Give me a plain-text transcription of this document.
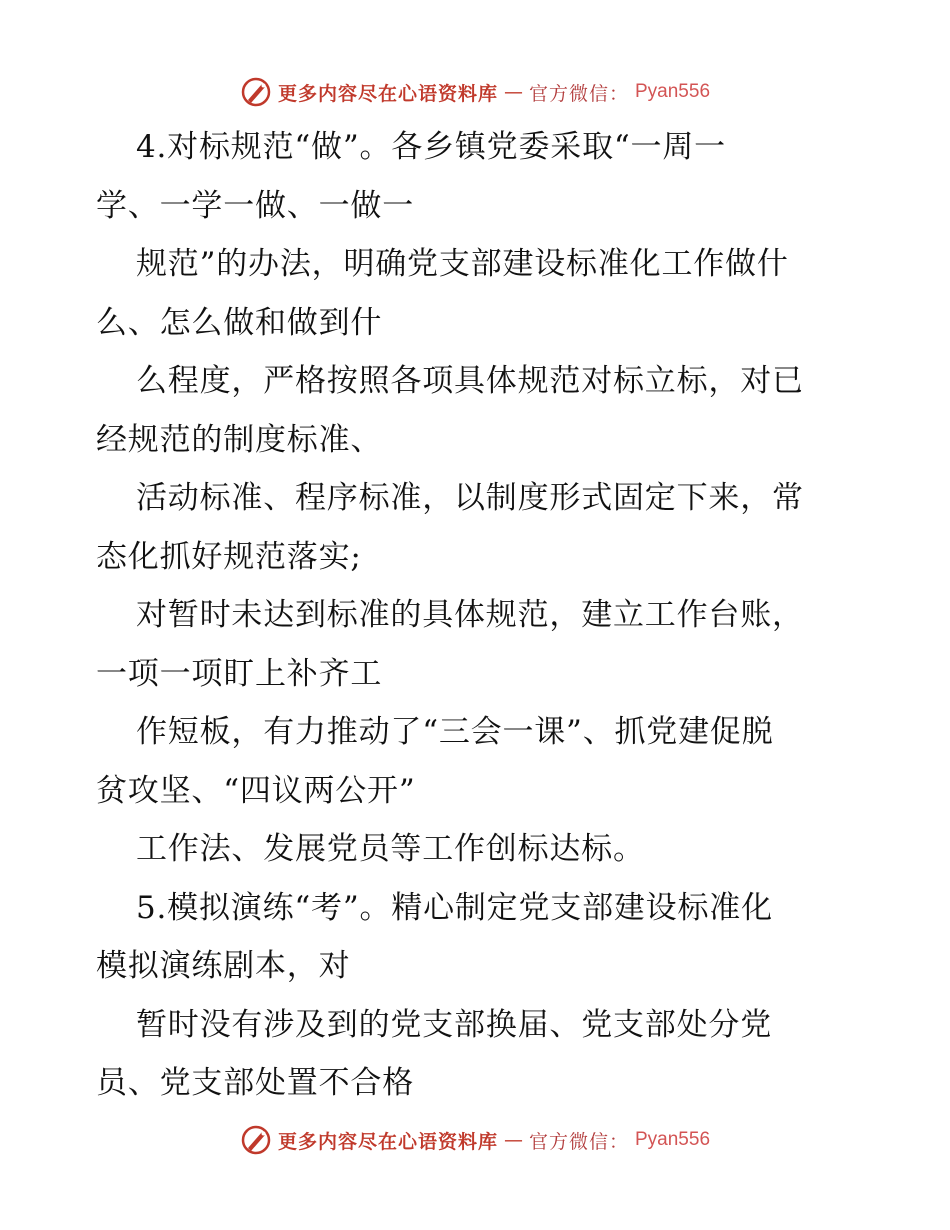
更多内容尽在心语资料库 — 官方微信： Pyan556
4.对标规范“做”。各乡镇党委采取“一周一
学、一学一做、一做一
规范”的办法，明确党支部建设标准化工作做什
么、怎么做和做到什
么程度，严格按照各项具体规范对标立标，对已
经规范的制度标准、
活动标准、程序标准，以制度形式固定下来，常
态化抓好规范落实;
对暂时未达到标准的具体规范，建立工作台账，
一项一项盯上补齐工
作短板，有力推动了“三会一课”、抓党建促脱
贫攻坚、“四议两公开”
工作法、发展党员等工作创标达标。
5.模拟演练“考”。精心制定党支部建设标准化
模拟演练剧本，对
暂时没有涉及到的党支部换届、党支部处分党
员、党支部处置不合格
更多内容尽在心语资料库 — 官方微信： Pyan556
